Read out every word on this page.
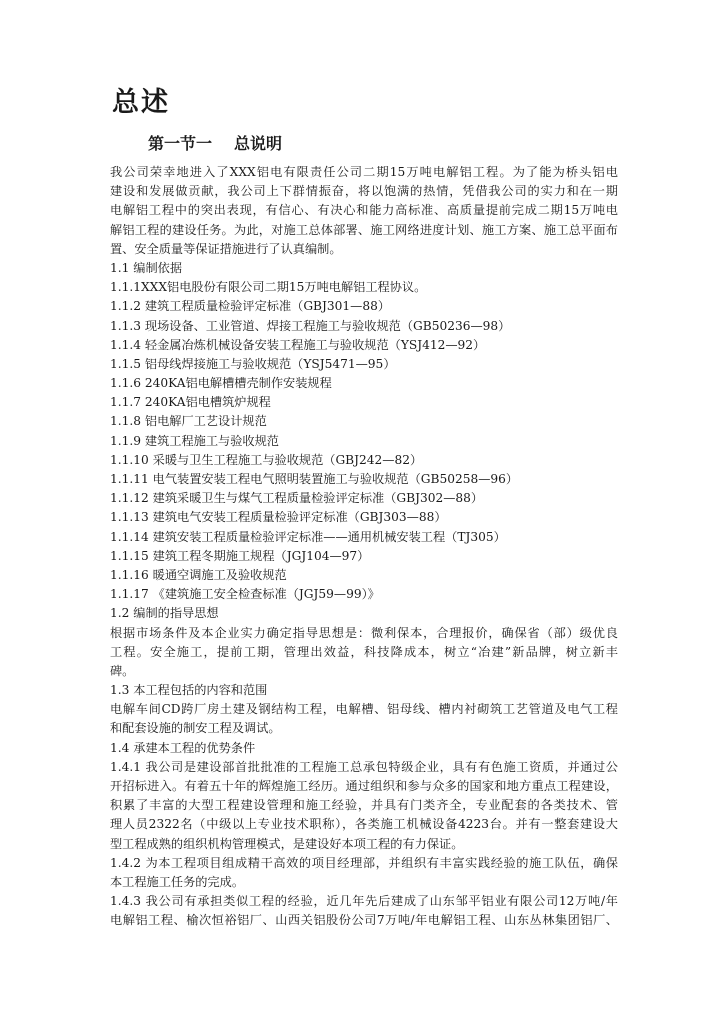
总述
第一节一 总说明
我公司荣幸地进入了XXX铝电有限责任公司二期15万吨电解铝工程。为了能为桥头铝电
建设和发展做贡献，我公司上下群情振奋，将以饱满的热情，凭借我公司的实力和在一期
电解铝工程中的突出表现，有信心、有决心和能力高标准、高质量提前完成二期15万吨电
解铝工程的建设任务。为此，对施工总体部署、施工网络进度计划、施工方案、施工总平面布
置、安全质量等保证措施进行了认真编制。
1.1 编制依据
1.1.1XXX铝电股份有限公司二期15万吨电解铝工程协议。
1.1.2 建筑工程质量检验评定标准（GBJ301—88）
1.1.3 现场设备、工业管道、焊接工程施工与验收规范（GB50236—98）
1.1.4 轻金属冶炼机械设备安装工程施工与验收规范（YSJ412—92）
1.1.5 铝母线焊接施工与验收规范（YSJ5471—95）
1.1.6 240KA铝电解槽槽壳制作安装规程
1.1.7 240KA铝电槽筑炉规程
1.1.8 铝电解厂工艺设计规范
1.1.9 建筑工程施工与验收规范
1.1.10 采暖与卫生工程施工与验收规范（GBJ242—82）
1.1.11 电气装置安装工程电气照明装置施工与验收规范（GB50258—96）
1.1.12 建筑采暖卫生与煤气工程质量检验评定标准（GBJ302—88）
1.1.13 建筑电气安装工程质量检验评定标准（GBJ303—88）
1.1.14 建筑安装工程质量检验评定标准——通用机械安装工程（TJ305）
1.1.15 建筑工程冬期施工规程（JGJ104—97）
1.1.16 暖通空调施工及验收规范
1.1.17 《建筑施工安全检查标准（JGJ59—99）》
1.2 编制的指导思想
根据市场条件及本企业实力确定指导思想是：微利保本，合理报价，确保省（部）级优良
工程。安全施工，提前工期，管理出效益，科技降成本，树立“冶建”新品牌，树立新丰
碑。
1.3 本工程包括的内容和范围
电解车间CD跨厂房土建及钢结构工程，电解槽、铝母线、槽内衬砌筑工艺管道及电气工程
和配套设施的制安工程及调试。
1.4 承建本工程的优势条件
1.4.1 我公司是建设部首批批准的工程施工总承包特级企业，具有有色施工资质，并通过公
开招标进入。有着五十年的辉煌施工经历。通过组织和参与众多的国家和地方重点工程建设，
积累了丰富的大型工程建设管理和施工经验，并具有门类齐全，专业配套的各类技术、管
理人员2322名（中级以上专业技术职称），各类施工机械设备4223台。并有一整套建设大
型工程成熟的组织机构管理模式，是建设好本项工程的有力保证。
1.4.2 为本工程项目组成精干高效的项目经理部，并组织有丰富实践经验的施工队伍，确保
本工程施工任务的完成。
1.4.3 我公司有承担类似工程的经验，近几年先后建成了山东邹平铝业有限公司12万吨/年
电解铝工程、榆次恒裕铝厂、山西关铝股份公司7万吨/年电解铝工程、山东丛林集团铝厂、
